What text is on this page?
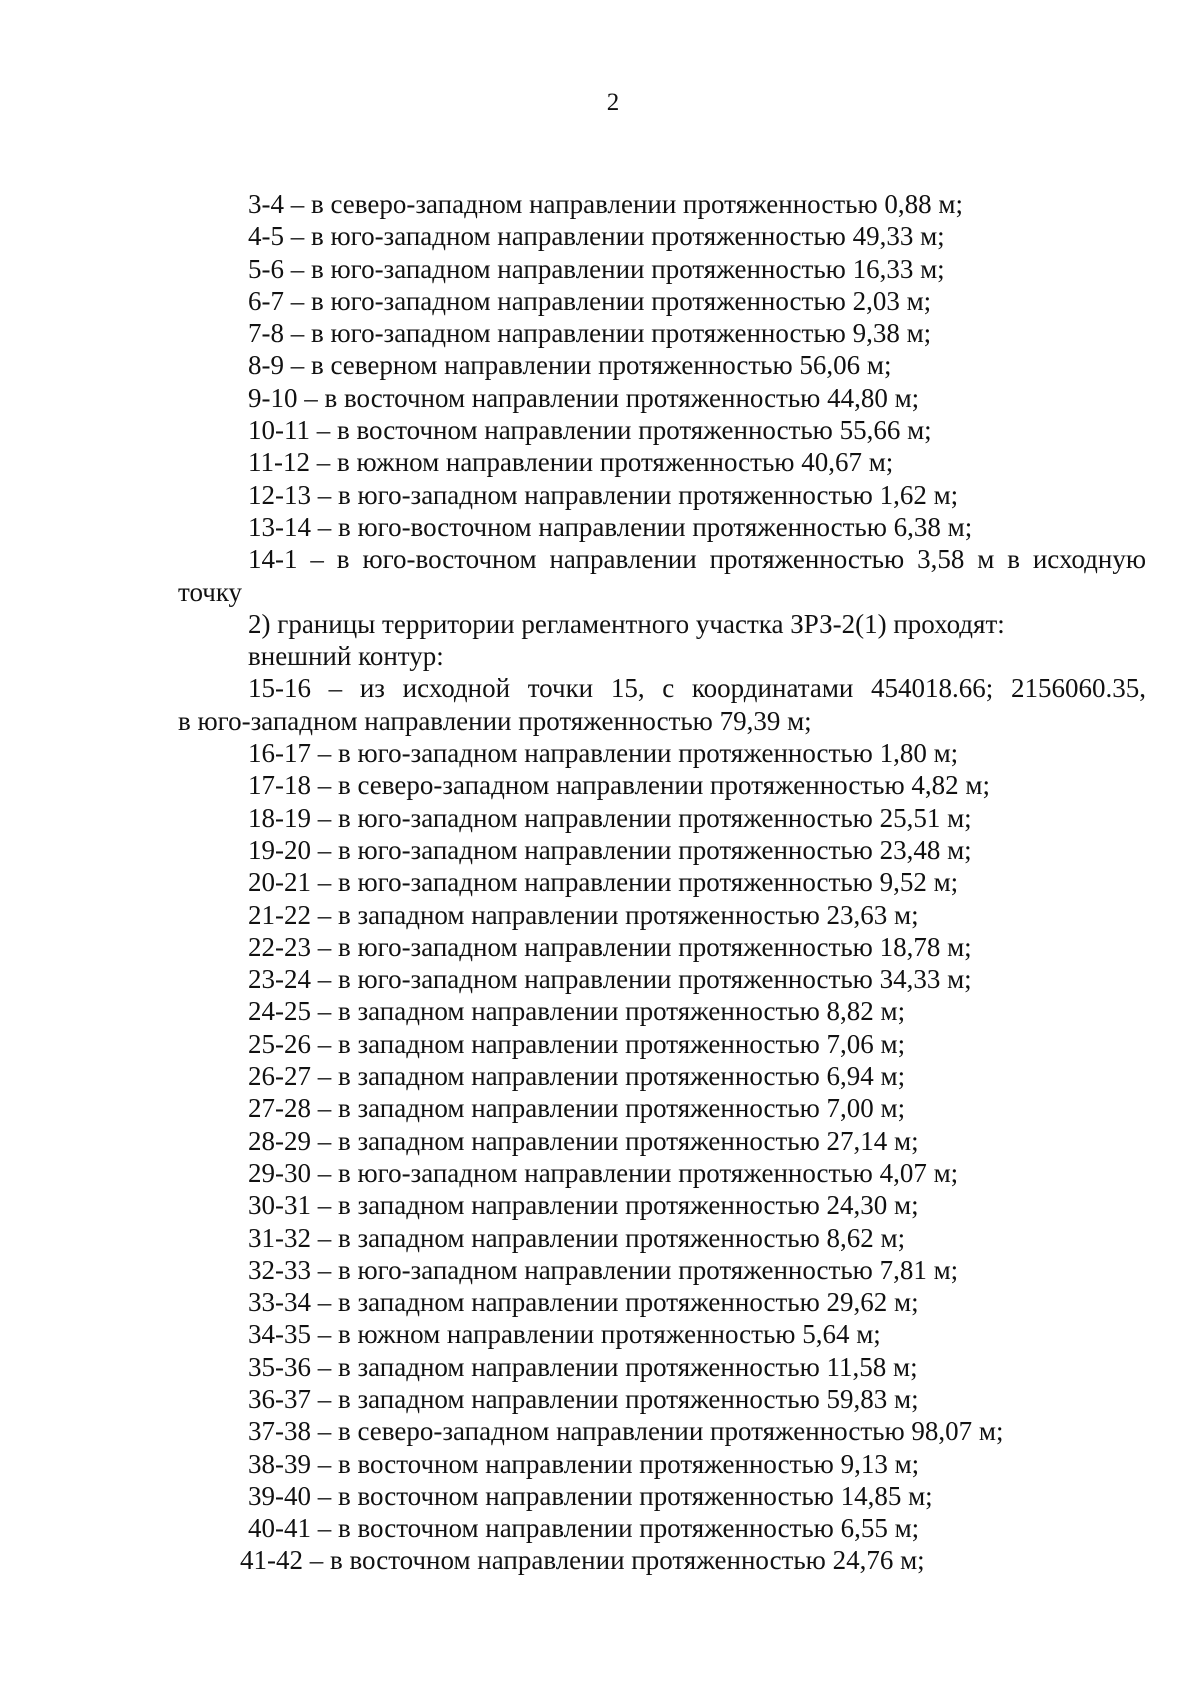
2
3-4 – в северо-западном направлении протяженностью 0,88 м;
4-5 – в юго-западном направлении протяженностью 49,33 м;
5-6 – в юго-западном направлении протяженностью 16,33 м;
6-7 – в юго-западном направлении протяженностью 2,03 м;
7-8 – в юго-западном направлении протяженностью 9,38 м;
8-9 – в северном направлении протяженностью 56,06 м;
9-10 – в восточном направлении протяженностью 44,80 м;
10-11 – в восточном направлении протяженностью 55,66 м;
11-12 – в южном направлении протяженностью 40,67 м;
12-13 – в юго-западном направлении протяженностью 1,62 м;
13-14 – в юго-восточном направлении протяженностью 6,38 м;
14-1 – в юго-восточном направлении протяженностью 3,58 м в исходную
точку
2) границы территории регламентного участка ЗРЗ-2(1) проходят:
внешний контур:
15-16 – из исходной точки 15, с координатами 454018.66; 2156060.35,
в юго-западном направлении протяженностью 79,39 м;
16-17 – в юго-западном направлении протяженностью 1,80 м;
17-18 – в северо-западном направлении протяженностью 4,82 м;
18-19 – в юго-западном направлении протяженностью 25,51 м;
19-20 – в юго-западном направлении протяженностью 23,48 м;
20-21 – в юго-западном направлении протяженностью 9,52 м;
21-22 – в западном направлении протяженностью 23,63 м;
22-23 – в юго-западном направлении протяженностью 18,78 м;
23-24 – в юго-западном направлении протяженностью 34,33 м;
24-25 – в западном направлении протяженностью 8,82 м;
25-26 – в западном направлении протяженностью 7,06 м;
26-27 – в западном направлении протяженностью 6,94 м;
27-28 – в западном направлении протяженностью 7,00 м;
28-29 – в западном направлении протяженностью 27,14 м;
29-30 – в юго-западном направлении протяженностью 4,07 м;
30-31 – в западном направлении протяженностью 24,30 м;
31-32 – в западном направлении протяженностью 8,62 м;
32-33 – в юго-западном направлении протяженностью 7,81 м;
33-34 – в западном направлении протяженностью 29,62 м;
34-35 – в южном направлении протяженностью 5,64 м;
35-36 – в западном направлении протяженностью 11,58 м;
36-37 – в западном направлении протяженностью 59,83 м;
37-38 – в северо-западном направлении протяженностью 98,07 м;
38-39 – в восточном направлении протяженностью 9,13 м;
39-40 – в восточном направлении протяженностью 14,85 м;
40-41 – в восточном направлении протяженностью 6,55 м;
41-42 – в восточном направлении протяженностью 24,76 м;
